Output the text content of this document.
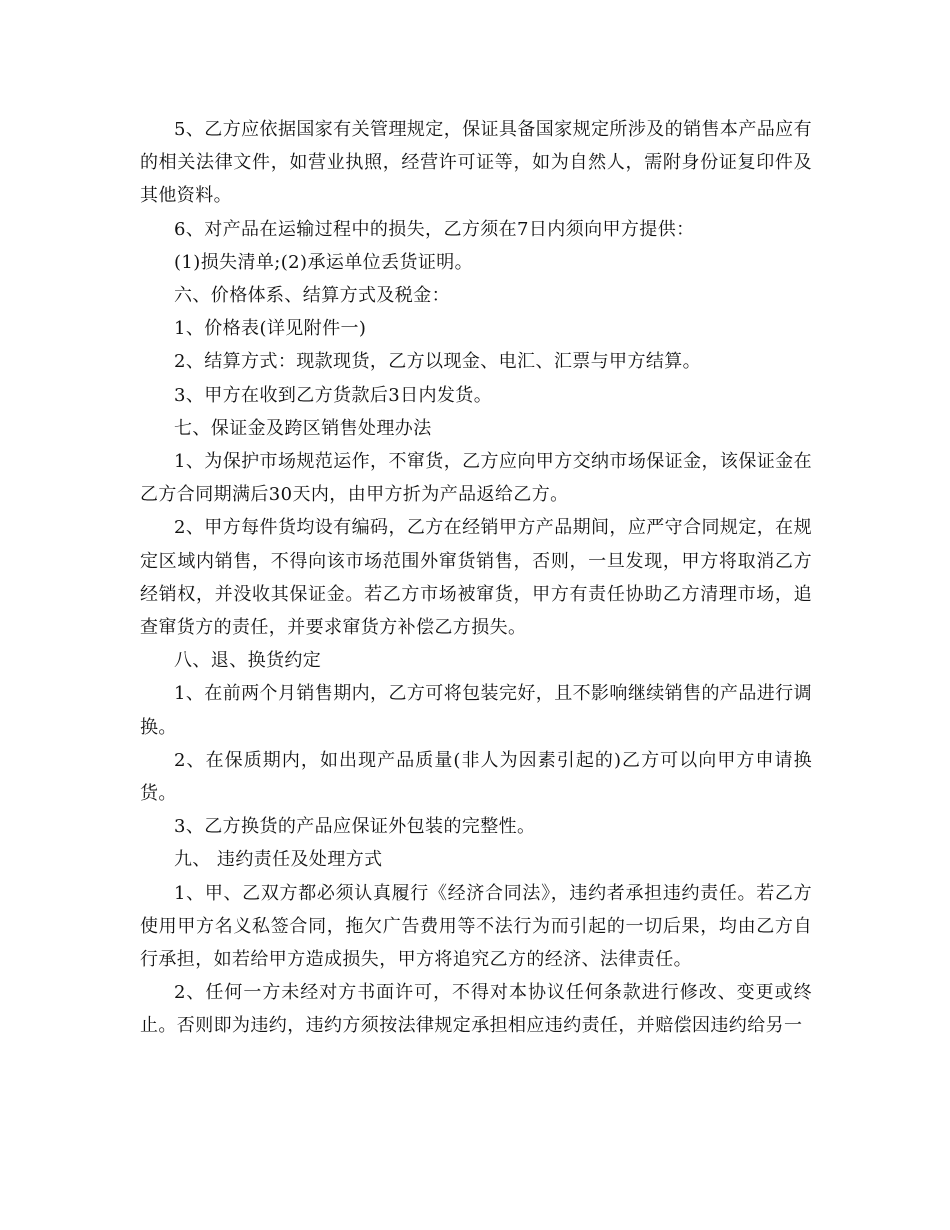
5、乙方应依据国家有关管理规定，保证具备国家规定所涉及的销售本产品应有的相关法律文件，如营业执照，经营许可证等，如为自然人，需附身份证复印件及其他资料。

6、对产品在运输过程中的损失，乙方须在7日内须向甲方提供：

(1)损失清单;(2)承运单位丢货证明。

六、价格体系、结算方式及税金：

1、价格表(详见附件一)

2、结算方式：现款现货，乙方以现金、电汇、汇票与甲方结算。

3、甲方在收到乙方货款后3日内发货。

七、保证金及跨区销售处理办法

1、为保护市场规范运作，不窜货，乙方应向甲方交纳市场保证金，该保证金在乙方合同期满后30天内，由甲方折为产品返给乙方。

2、甲方每件货均设有编码，乙方在经销甲方产品期间，应严守合同规定，在规定区域内销售，不得向该市场范围外窜货销售，否则，一旦发现，甲方将取消乙方经销权，并没收其保证金。若乙方市场被窜货，甲方有责任协助乙方清理市场，追查窜货方的责任，并要求窜货方补偿乙方损失。

八、退、换货约定

1、在前两个月销售期内，乙方可将包装完好，且不影响继续销售的产品进行调换。

2、在保质期内，如出现产品质量(非人为因素引起的)乙方可以向甲方申请换货。

3、乙方换货的产品应保证外包装的完整性。

九、 违约责任及处理方式

1、甲、乙双方都必须认真履行《经济合同法》，违约者承担违约责任。若乙方使用甲方名义私签合同，拖欠广告费用等不法行为而引起的一切后果，均由乙方自行承担，如若给甲方造成损失，甲方将追究乙方的经济、法律责任。

2、任何一方未经对方书面许可，不得对本协议任何条款进行修改、变更或终止。否则即为违约，违约方须按法律规定承担相应违约责任，并赔偿因违约给另一
